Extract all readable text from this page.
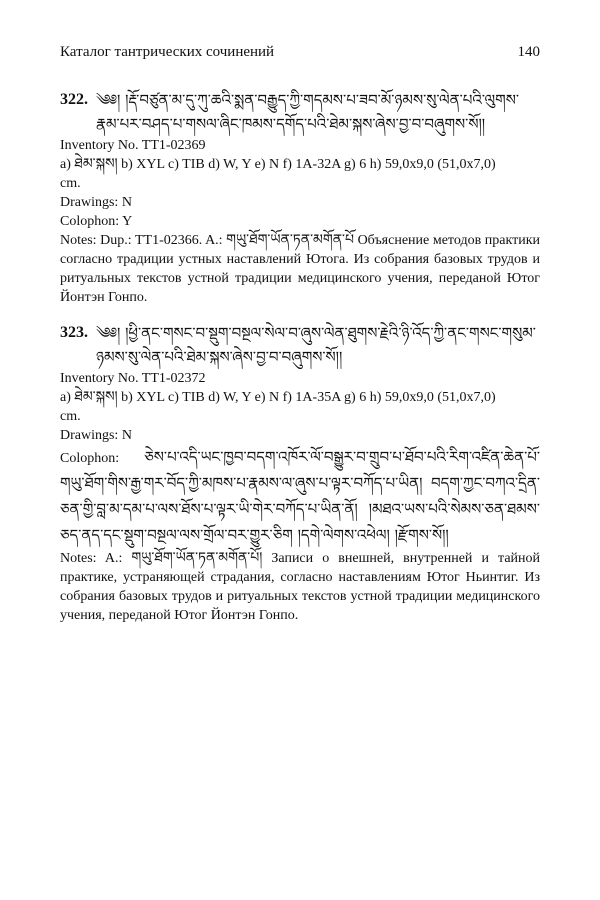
Каталог тантрических сочинений	140
322. ༄༅། །རྡོ་བཙུན་མ་དུ་ཀུ་ཆའི་སྨན་བརྒྱུད་ཀྱི་གདམས་པ་ཟབ་མོ་ཉམས་སུ་ལེན་པའི་ལུགས་རྣམ་པར་བཤད་པ་གསལ་ཞིང་ཁམས་དགོད་པའི་ཐེམ་སྐས་ཞེས་བྱ་བ་བཞུགས་སོ།།

Inventory No. TT1-02369

a) ཐེམ་སྐས། b) XYL c) TIB d) W, Y e) N f) 1A-32A g) 6 h) 59,0x9,0 (51,0x7,0)

cm.

Drawings: N

Colophon: Y

Notes: Dup.: TT1-02366. A.: གཡུ་ཐོག་ཡོན་ཏན་མགོན་པོ Объяснение методов практики согласно традиции устных наставлений Ютога. Из собрания базовых трудов и ритуальных текстов устной традиции медицинского учения, переданой Ютог Йонтэн Гонпо.

323. ༄༅། །ཕྱི་ནང་གསང་བ་སྡུག་བསྔལ་སེལ་བ་ཞུས་ལེན་ཐུགས་རྗེའི་ཉི་འོད་ཀྱི་ནང་གསང་གསུམ་ཉམས་སུ་ལེན་པའི་ཐེམ་སྐས་ཞེས་བྱ་བ་བཞུགས་སོ།།

Inventory No. TT1-02372

a) ཐེམ་སྐས། b) XYL c) TIB d) W, Y e) N f) 1A-35A g) 6 h) 59,0x9,0 (51,0x7,0)

cm.

Drawings: N

Colophon: ཅེས་པ་འདི་ཡང་ཁྱབ་བདག་འཁོར་ལོ་བསྒྱུར་བ་གྲུབ་པ་ཐོབ་པའི་རིག་འཛིན་ཆེན་པོ་གཡུ་ཐོག་གིས་རྒྱ་གར་བོད་ཀྱི་མཁས་པ་རྣམས་ལ་ཞུས་པ་ལྟར་བཀོད་པ་ཡིན། བདག་ཀྱང་བཀའ་དྲིན་ཅན་གྱི་བླ་མ་དམ་པ་ལས་ཐོས་པ་ལྟར་ཡི་གེར་བཀོད་པ་ཡིན་ནོ། །མཐའ་ཡས་པའི་སེམས་ཅན་ཐམས་ཅད་ནད་དང་སྡུག་བསྔལ་ལས་གྲོལ་བར་གྱུར་ཅིག །དགེ་ལེགས་འཕེལ། །རྫོགས་སོ།།

Notes: A.: གཡུ་ཐོག་ཡོན་ཏན་མགོན་པོ། Записи о внешней, внутренней и тайной практике, устраняющей страдания, согласно наставлениям Ютог Ньинтиг. Из собрания базовых трудов и ритуальных текстов устной традиции медицинского учения, переданой Ютог Йонтэн Гонпо.
